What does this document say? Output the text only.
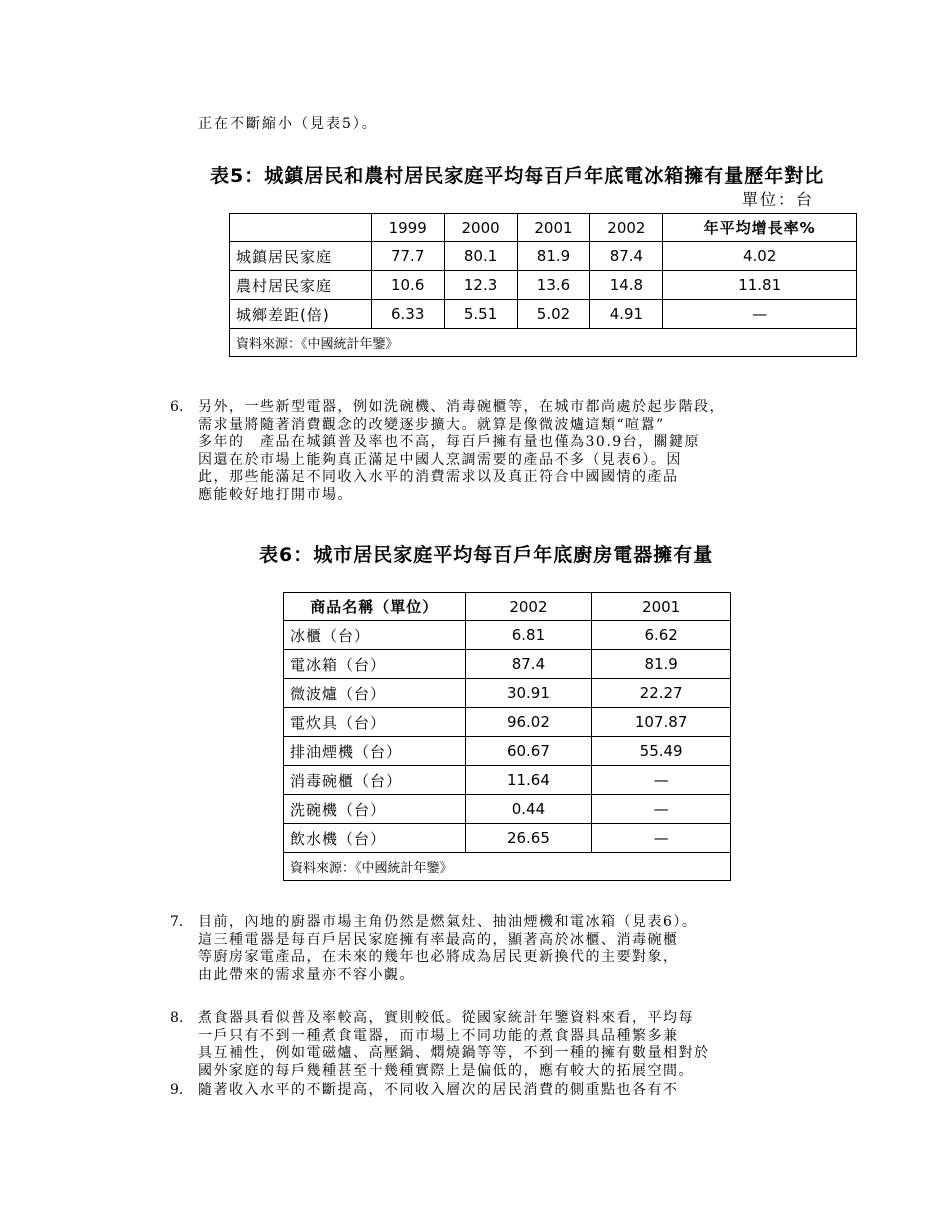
正在不斷縮小（見表5）。
表5：城鎮居民和農村居民家庭平均每百戶年底電冰箱擁有量歷年對比
單位：台
	1999	2000	2001	2002	年平均增長率%
城鎮居民家庭	77.7	80.1	81.9	87.4	4.02
農村居民家庭	10.6	12.3	13.6	14.8	11.81
城鄉差距(倍)	6.33	5.51	5.02	4.91	—
資料來源：《中國統計年鑒》					
6. 另外，一些新型電器，例如洗碗機、消毒碗櫃等，在城市都尚處於起步階段，
需求量將隨著消費觀念的改變逐步擴大。就算是像微波爐這類“喧囂”
多年的　產品在城鎮普及率也不高，每百戶擁有量也僅為30.9台，關鍵原
因還在於市場上能夠真正滿足中國人烹調需要的產品不多（見表6）。因
此，那些能滿足不同收入水平的消費需求以及真正符合中國國情的產品
應能較好地打開市場。
表6：城市居民家庭平均每百戶年底廚房電器擁有量
商品名稱（單位）	2002	2001
冰櫃（台）	6.81	6.62
電冰箱（台）	87.4	81.9
微波爐（台）	30.91	22.27
電炊具（台）	96.02	107.87
排油煙機（台）	60.67	55.49
消毒碗櫃（台）	11.64	—
洗碗機（台）	0.44	—
飲水機（台）	26.65	—
資料來源：《中國統計年鑒》		
7. 目前，內地的廚器市場主角仍然是燃氣灶、抽油煙機和電冰箱（見表6）。
這三種電器是每百戶居民家庭擁有率最高的，顯著高於冰櫃、消毒碗櫃
等廚房家電產品，在未來的幾年也必將成為居民更新換代的主要對象，
由此帶來的需求量亦不容小覷。
8. 煮食器具看似普及率較高，實則較低。從國家統計年鑒資料來看，平均每
一戶只有不到一種煮食電器，而市場上不同功能的煮食器具品種繁多兼
具互補性，例如電磁爐、高壓鍋、燜燒鍋等等，不到一種的擁有數量相對於
國外家庭的每戶幾種甚至十幾種實際上是偏低的，應有較大的拓展空間。
9. 隨著收入水平的不斷提高，不同收入層次的居民消費的側重點也各有不
